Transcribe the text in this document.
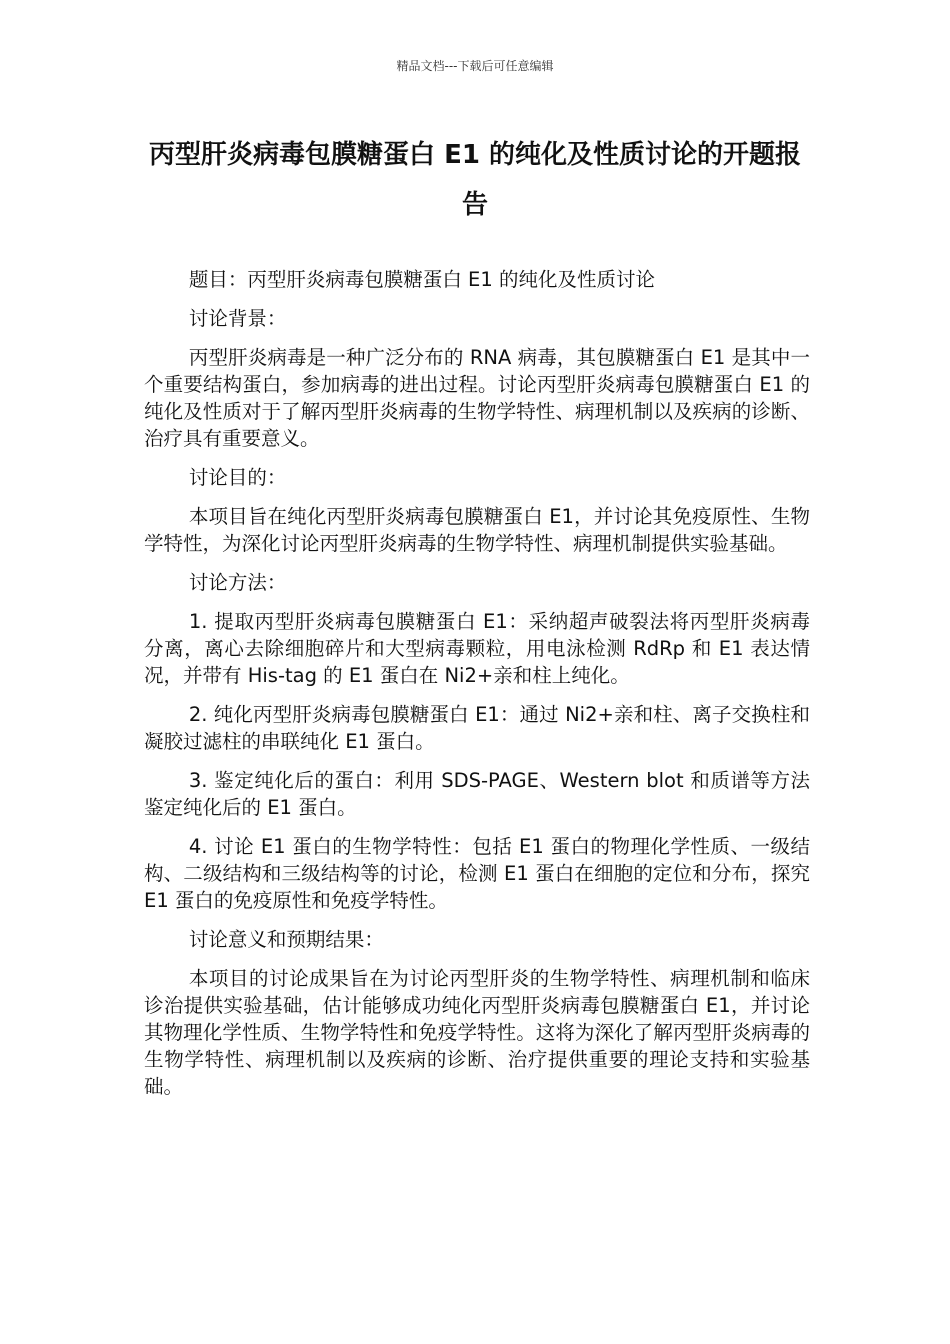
精品文档---下载后可任意编辑
丙型肝炎病毒包膜糖蛋白 E1 的纯化及性质讨论的开题报告

题目：丙型肝炎病毒包膜糖蛋白 E1 的纯化及性质讨论

讨论背景：

丙型肝炎病毒是一种广泛分布的 RNA 病毒，其包膜糖蛋白 E1 是其中一个重要结构蛋白，参加病毒的进出过程。讨论丙型肝炎病毒包膜糖蛋白 E1 的纯化及性质对于了解丙型肝炎病毒的生物学特性、病理机制以及疾病的诊断、治疗具有重要意义。

讨论目的：

本项目旨在纯化丙型肝炎病毒包膜糖蛋白 E1，并讨论其免疫原性、生物学特性，为深化讨论丙型肝炎病毒的生物学特性、病理机制提供实验基础。

讨论方法：

1. 提取丙型肝炎病毒包膜糖蛋白 E1：采纳超声破裂法将丙型肝炎病毒分离，离心去除细胞碎片和大型病毒颗粒，用电泳检测 RdRp 和 E1 表达情况，并带有 His-tag 的 E1 蛋白在 Ni2+亲和柱上纯化。

2. 纯化丙型肝炎病毒包膜糖蛋白 E1：通过 Ni2+亲和柱、离子交换柱和凝胶过滤柱的串联纯化 E1 蛋白。

3. 鉴定纯化后的蛋白：利用 SDS-PAGE、Western blot 和质谱等方法鉴定纯化后的 E1 蛋白。

4. 讨论 E1 蛋白的生物学特性：包括 E1 蛋白的物理化学性质、一级结构、二级结构和三级结构等的讨论，检测 E1 蛋白在细胞的定位和分布，探究 E1 蛋白的免疫原性和免疫学特性。

讨论意义和预期结果：

本项目的讨论成果旨在为讨论丙型肝炎的生物学特性、病理机制和临床诊治提供实验基础，估计能够成功纯化丙型肝炎病毒包膜糖蛋白 E1，并讨论其物理化学性质、生物学特性和免疫学特性。这将为深化了解丙型肝炎病毒的生物学特性、病理机制以及疾病的诊断、治疗提供重要的理论支持和实验基础。
